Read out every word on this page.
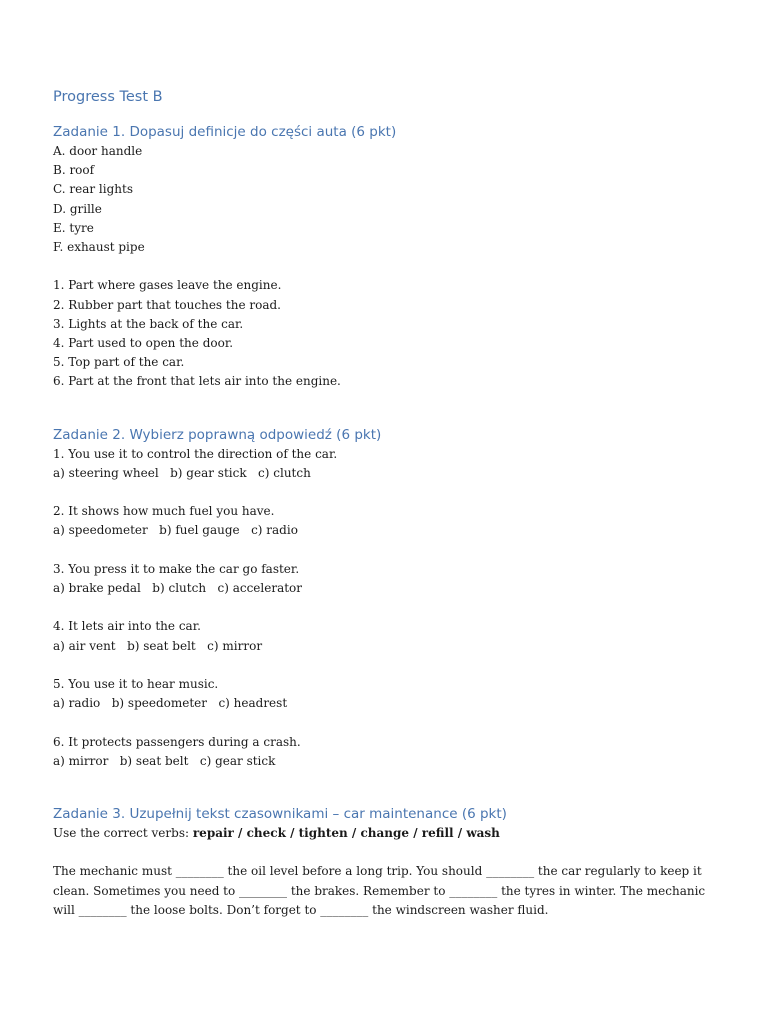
Progress Test B
Zadanie 1. Dopasuj definicje do części auta (6 pkt)
A. door handle
B. roof
C. rear lights
D. grille
E. tyre
F. exhaust pipe
1. Part where gases leave the engine.
2. Rubber part that touches the road.
3. Lights at the back of the car.
4. Part used to open the door.
5. Top part of the car.
6. Part at the front that lets air into the engine.
Zadanie 2. Wybierz poprawną odpowiedź (6 pkt)
1. You use it to control the direction of the car.
a) steering wheel   b) gear stick   c) clutch
2. It shows how much fuel you have.
a) speedometer   b) fuel gauge   c) radio
3. You press it to make the car go faster.
a) brake pedal   b) clutch   c) accelerator
4. It lets air into the car.
a) air vent   b) seat belt   c) mirror
5. You use it to hear music.
a) radio   b) speedometer   c) headrest
6. It protects passengers during a crash.
a) mirror   b) seat belt   c) gear stick
Zadanie 3. Uzupełnij tekst czasownikami – car maintenance (6 pkt)

Use the correct verbs: repair / check / tighten / change / refill / wash

The mechanic must ________ the oil level before a long trip. You should ________ the car regularly to keep it clean. Sometimes you need to ________ the brakes. Remember to ________ the tyres in winter. The mechanic will ________ the loose bolts. Don’t forget to ________ the windscreen washer fluid.
